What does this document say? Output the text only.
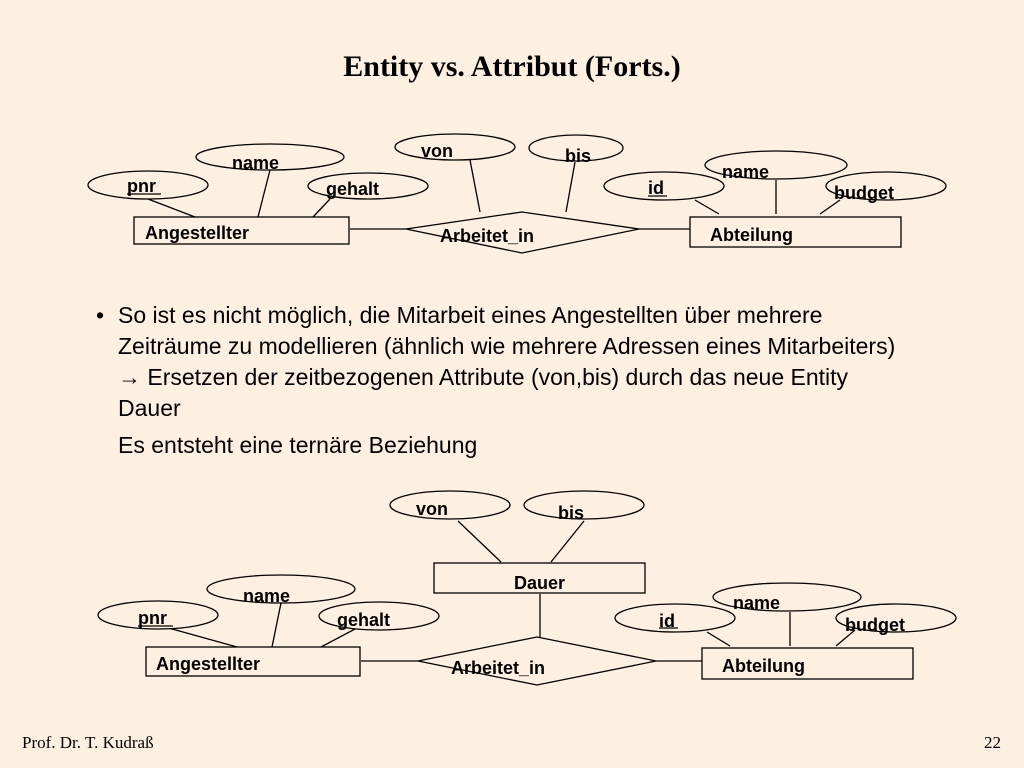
Entity vs. Attribut (Forts.)
Angestellter	Abteilung
Arbeitet_in
pnr
name
gehalt
von	bis
id
name
budget
Dauer
Angestellter	Abteilung
Arbeitet_in
von	bis
pnr
name
gehalt	id
name
budget
• So ist es nicht möglich, die Mitarbeit eines Angestellten über mehrere Zeiträume zu modellieren (ähnlich wie mehrere Adressen eines Mitarbeiters) → Ersetzen der zeitbezogenen Attribute (von,bis) durch das neue Entity Dauer
Es entsteht eine ternäre Beziehung
Prof. Dr. T. Kudraß	22
